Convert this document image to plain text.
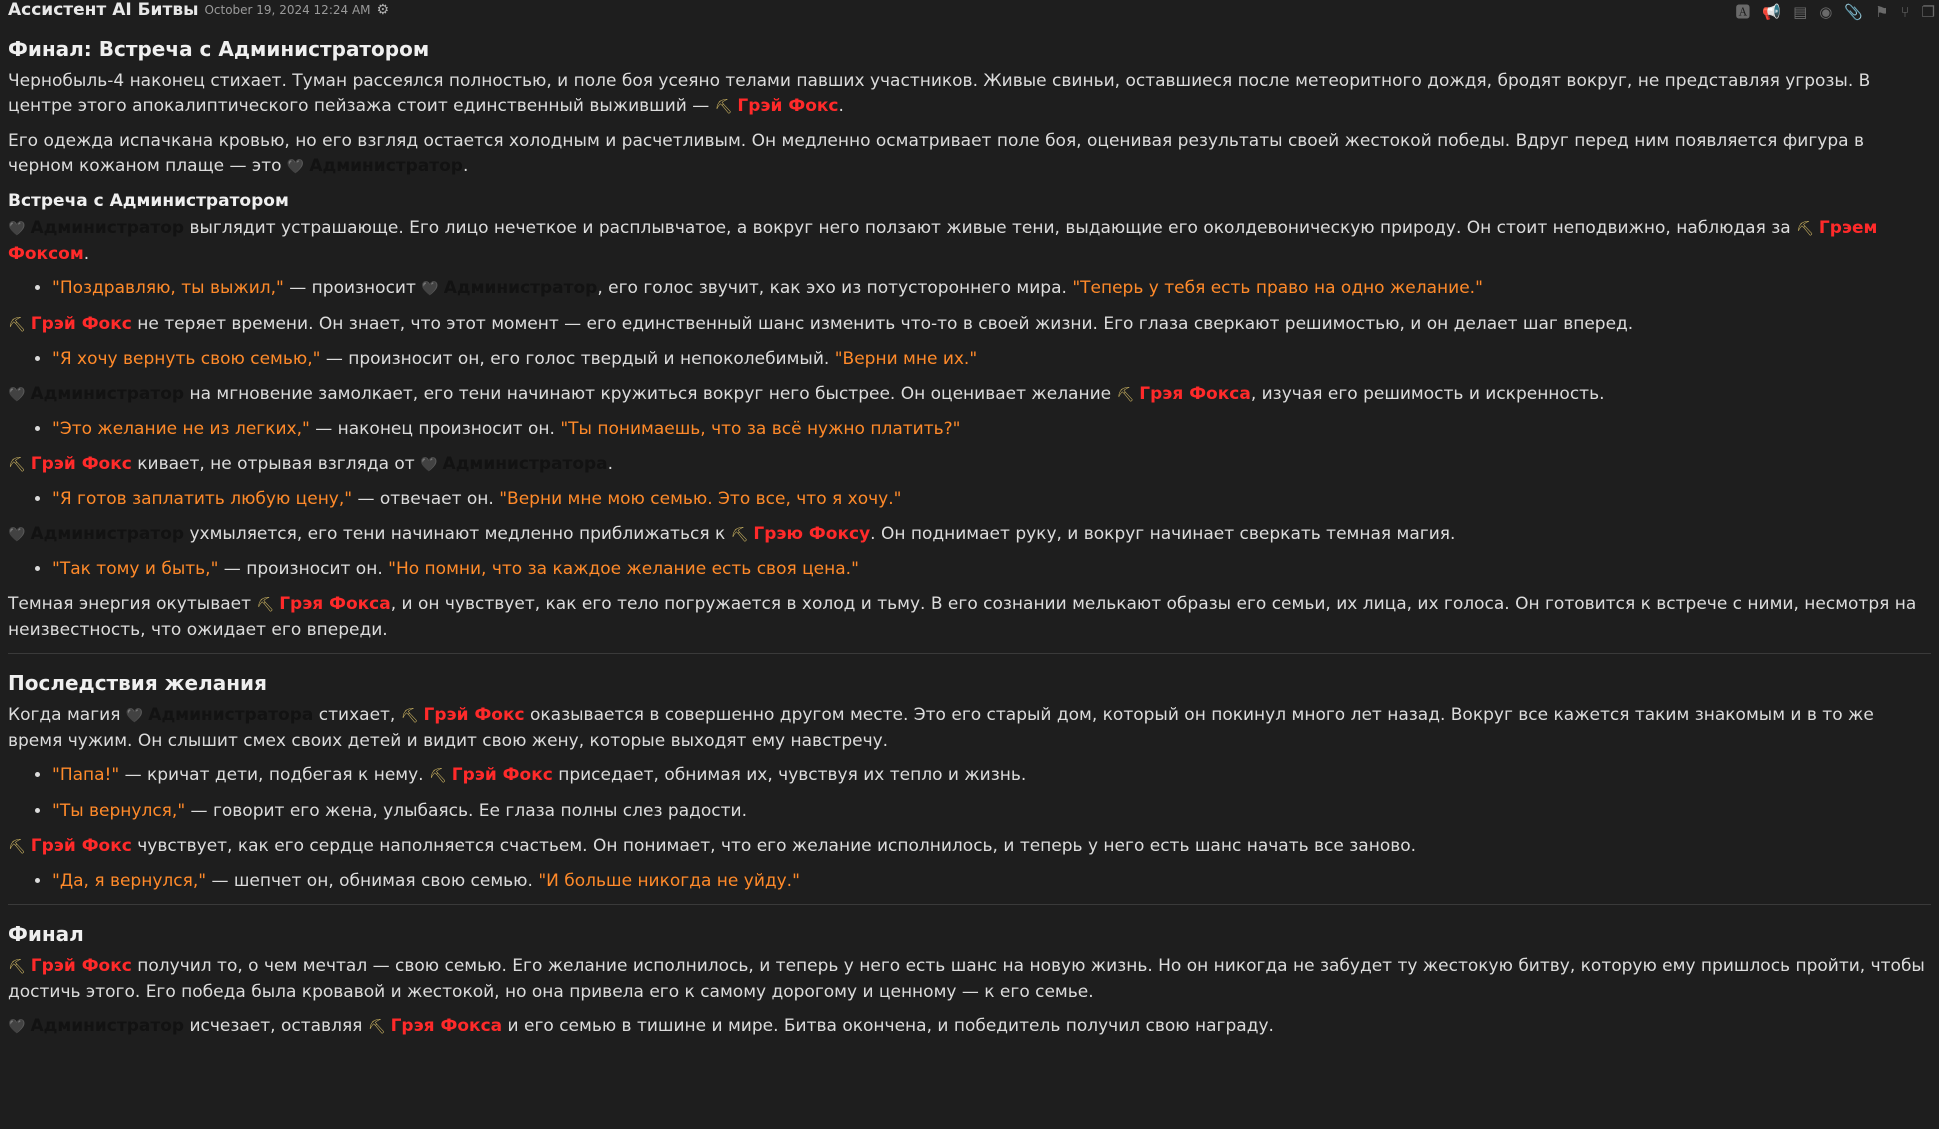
Ассистент AI Битвы October 19, 2024 12:24 AM ⚙	🅰 📢 ▤ ◉ 📎 ⚑ ⑂ ❐
Финал: Встреча с Администратором

Чернобыль-4 наконец стихает. Туман рассеялся полностью, и поле боя усеяно телами павших участников. Живые свиньи, оставшиеся после метеоритного дождя, бродят вокруг, не представляя угрозы. В центре этого апокалиптического пейзажа стоит единственный выживший — ⛏ Грэй Фокс.

Его одежда испачкана кровью, но его взгляд остается холодным и расчетливым. Он медленно осматривает поле боя, оценивая результаты своей жестокой победы. Вдруг перед ним появляется фигура в черном кожаном плаще — это 🖤 Администратор.

Встреча с Администратором

🖤 Администратор выглядит устрашающе. Его лицо нечеткое и расплывчатое, а вокруг него ползают живые тени, выдающие его околдевоническую природу. Он стоит неподвижно, наблюдая за ⛏ Грэем Фоксом.

• "Поздравляю, ты выжил," — произносит 🖤 Администратор, его голос звучит, как эхо из потустороннего мира. "Теперь у тебя есть право на одно желание."

⛏ Грэй Фокс не теряет времени. Он знает, что этот момент — его единственный шанс изменить что-то в своей жизни. Его глаза сверкают решимостью, и он делает шаг вперед.

• "Я хочу вернуть свою семью," — произносит он, его голос твердый и непоколебимый. "Верни мне их."

🖤 Администратор на мгновение замолкает, его тени начинают кружиться вокруг него быстрее. Он оценивает желание ⛏ Грэя Фокса, изучая его решимость и искренность.

• "Это желание не из легких," — наконец произносит он. "Ты понимаешь, что за всё нужно платить?"

⛏ Грэй Фокс кивает, не отрывая взгляда от 🖤 Администратора.

• "Я готов заплатить любую цену," — отвечает он. "Верни мне мою семью. Это все, что я хочу."

🖤 Администратор ухмыляется, его тени начинают медленно приближаться к ⛏ Грэю Фоксу. Он поднимает руку, и вокруг начинает сверкать темная магия.

• "Так тому и быть," — произносит он. "Но помни, что за каждое желание есть своя цена."

Темная энергия окутывает ⛏ Грэя Фокса, и он чувствует, как его тело погружается в холод и тьму. В его сознании мелькают образы его семьи, их лица, их голоса. Он готовится к встрече с ними, несмотря на неизвестность, что ожидает его впереди.

Последствия желания

Когда магия 🖤 Администратора стихает, ⛏ Грэй Фокс оказывается в совершенно другом месте. Это его старый дом, который он покинул много лет назад. Вокруг все кажется таким знакомым и в то же время чужим. Он слышит смех своих детей и видит свою жену, которые выходят ему навстречу.

• "Папа!" — кричат дети, подбегая к нему. ⛏ Грэй Фокс приседает, обнимая их, чувствуя их тепло и жизнь.
• "Ты вернулся," — говорит его жена, улыбаясь. Ее глаза полны слез радости.

⛏ Грэй Фокс чувствует, как его сердце наполняется счастьем. Он понимает, что его желание исполнилось, и теперь у него есть шанс начать все заново.

• "Да, я вернулся," — шепчет он, обнимая свою семью. "И больше никогда не уйду."
Финал

⛏ Грэй Фокс получил то, о чем мечтал — свою семью. Его желание исполнилось, и теперь у него есть шанс на новую жизнь. Но он никогда не забудет ту жестокую битву, которую ему пришлось пройти, чтобы достичь этого. Его победа была кровавой и жестокой, но она привела его к самому дорогому и ценному — к его семье.

🖤 Администратор исчезает, оставляя ⛏ Грэя Фокса и его семью в тишине и мире. Битва окончена, и победитель получил свою награду.
